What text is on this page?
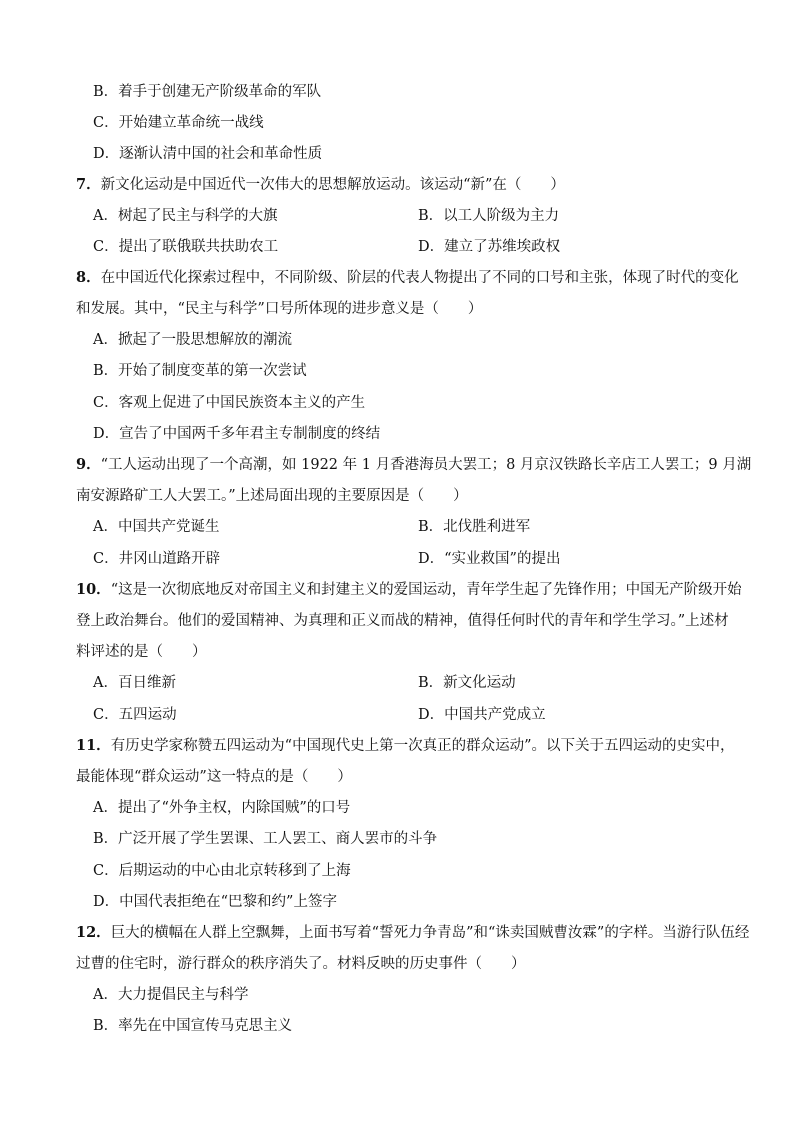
B．着手于创建无产阶级革命的军队
C．开始建立革命统一战线
D．逐渐认清中国的社会和革命性质
7．新文化运动是中国近代一次伟大的思想解放运动。该运动“新”在（　　）
A．树起了民主与科学的大旗	B．以工人阶级为主力
C．提出了联俄联共扶助农工	D．建立了苏维埃政权
8．在中国近代化探索过程中，不同阶级、阶层的代表人物提出了不同的口号和主张，体现了时代的变化
和发展。其中，“民主与科学”口号所体现的进步意义是（　　）
A．掀起了一股思想解放的潮流
B．开始了制度变革的第一次尝试
C．客观上促进了中国民族资本主义的产生
D．宣告了中国两千多年君主专制制度的终结
9．“工人运动出现了一个高潮，如 1922 年 1 月香港海员大罢工；8 月京汉铁路长辛店工人罢工；9 月湖
南安源路矿工人大罢工。”上述局面出现的主要原因是（　　）
A．中国共产党诞生	B．北伐胜利进军
C．井冈山道路开辟	D．“实业救国”的提出
10．“这是一次彻底地反对帝国主义和封建主义的爱国运动，青年学生起了先锋作用；中国无产阶级开始
登上政治舞台。他们的爱国精神、为真理和正义而战的精神，值得任何时代的青年和学生学习。”上述材
料评述的是（　　）
A．百日维新	B．新文化运动
C．五四运动	D．中国共产党成立
11．有历史学家称赞五四运动为“中国现代史上第一次真正的群众运动”。以下关于五四运动的史实中，
最能体现“群众运动”这一特点的是（　　）
A．提出了“外争主权，内除国贼”的口号
B．广泛开展了学生罢课、工人罢工、商人罢市的斗争
C．后期运动的中心由北京转移到了上海
D．中国代表拒绝在“巴黎和约”上签字
12．巨大的横幅在人群上空飘舞，上面书写着“誓死力争青岛”和“诛卖国贼曹汝霖”的字样。当游行队伍经
过曹的住宅时，游行群众的秩序消失了。材料反映的历史事件（　　）
A．大力提倡民主与科学
B．率先在中国宣传马克思主义
